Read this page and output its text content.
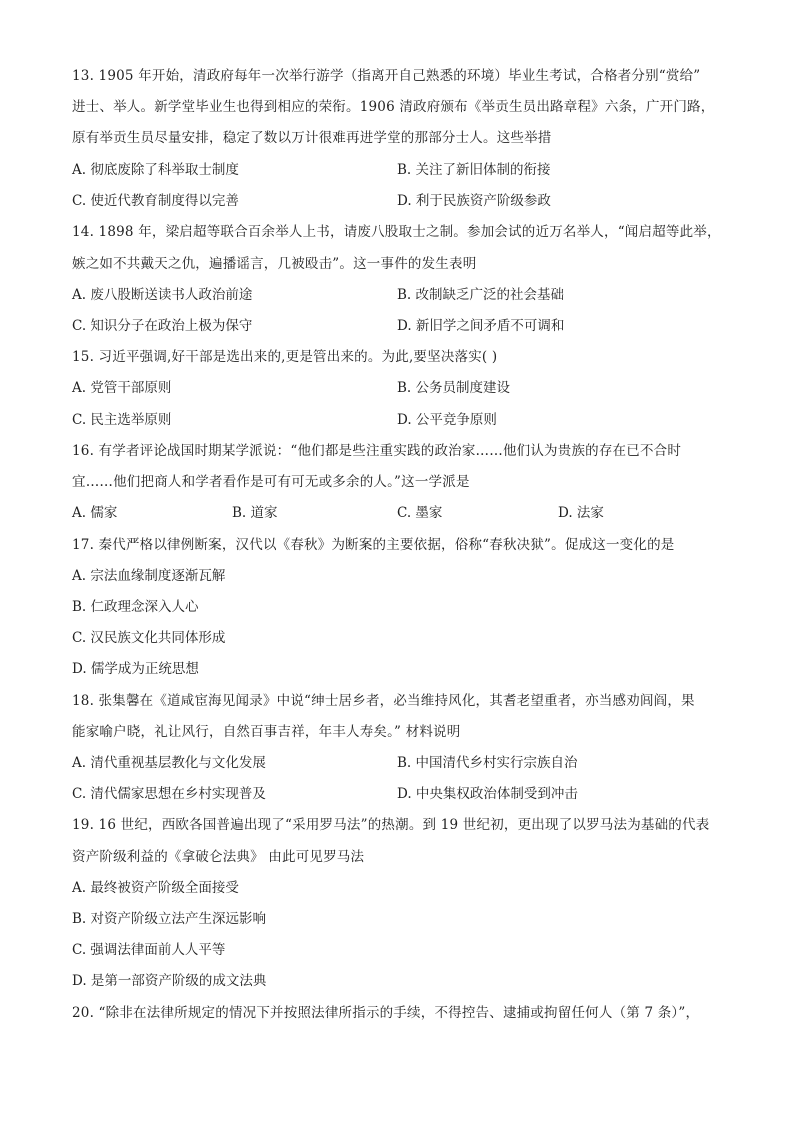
13. 1905 年开始，清政府每年一次举行游学（指离开自己熟悉的环境）毕业生考试，合格者分别“赏给”
进士、举人。新学堂毕业生也得到相应的荣衔。1906 清政府颁布《举贡生员出路章程》六条，广开门路，
原有举贡生员尽量安排，稳定了数以万计很难再进学堂的那部分士人。这些举措
A. 彻底废除了科举取士制度	B. 关注了新旧体制的衔接
C. 使近代教育制度得以完善	D. 利于民族资产阶级参政
14. 1898 年，梁启超等联合百余举人上书，请废八股取士之制。参加会试的近万名举人，“闻启超等此举，
嫉之如不共戴天之仇，遍播谣言，几被殴击”。这一事件的发生表明
A. 废八股断送读书人政治前途	B. 改制缺乏广泛的社会基础
C. 知识分子在政治上极为保守	D. 新旧学之间矛盾不可调和
15. 习近平强调,好干部是选出来的,更是管出来的。为此,要坚决落实( )
A. 党管干部原则	B. 公务员制度建设
C. 民主选举原则	D. 公平竞争原则
16. 有学者评论战国时期某学派说：“他们都是些注重实践的政治家……他们认为贵族的存在已不合时
宜……他们把商人和学者看作是可有可无或多余的人。”这一学派是
A. 儒家	B. 道家	C. 墨家	D. 法家
17. 秦代严格以律例断案，汉代以《春秋》为断案的主要依据，俗称“春秋决狱”。促成这一变化的是
A. 宗法血缘制度逐渐瓦解
B. 仁政理念深入人心
C. 汉民族文化共同体形成
D. 儒学成为正统思想
18. 张集馨在《道咸宦海见闻录》中说“绅士居乡者，必当维持风化，其耆老望重者，亦当感劝闾阎，果
能家喻户晓，礼让风行，自然百事吉祥，年丰人寿矣。” 材料说明
A. 清代重视基层教化与文化发展	B. 中国清代乡村实行宗族自治
C. 清代儒家思想在乡村实现普及	D. 中央集权政治体制受到冲击
19. 16 世纪，西欧各国普遍出现了“采用罗马法”的热潮。到 19 世纪初，更出现了以罗马法为基础的代表
资产阶级利益的《拿破仑法典》 由此可见罗马法
A. 最终被资产阶级全面接受
B. 对资产阶级立法产生深远影响
C. 强调法律面前人人平等
D. 是第一部资产阶级的成文法典
20. “除非在法律所规定的情况下并按照法律所指示的手续，不得控告、逮捕或拘留任何人（第 7 条）”，
